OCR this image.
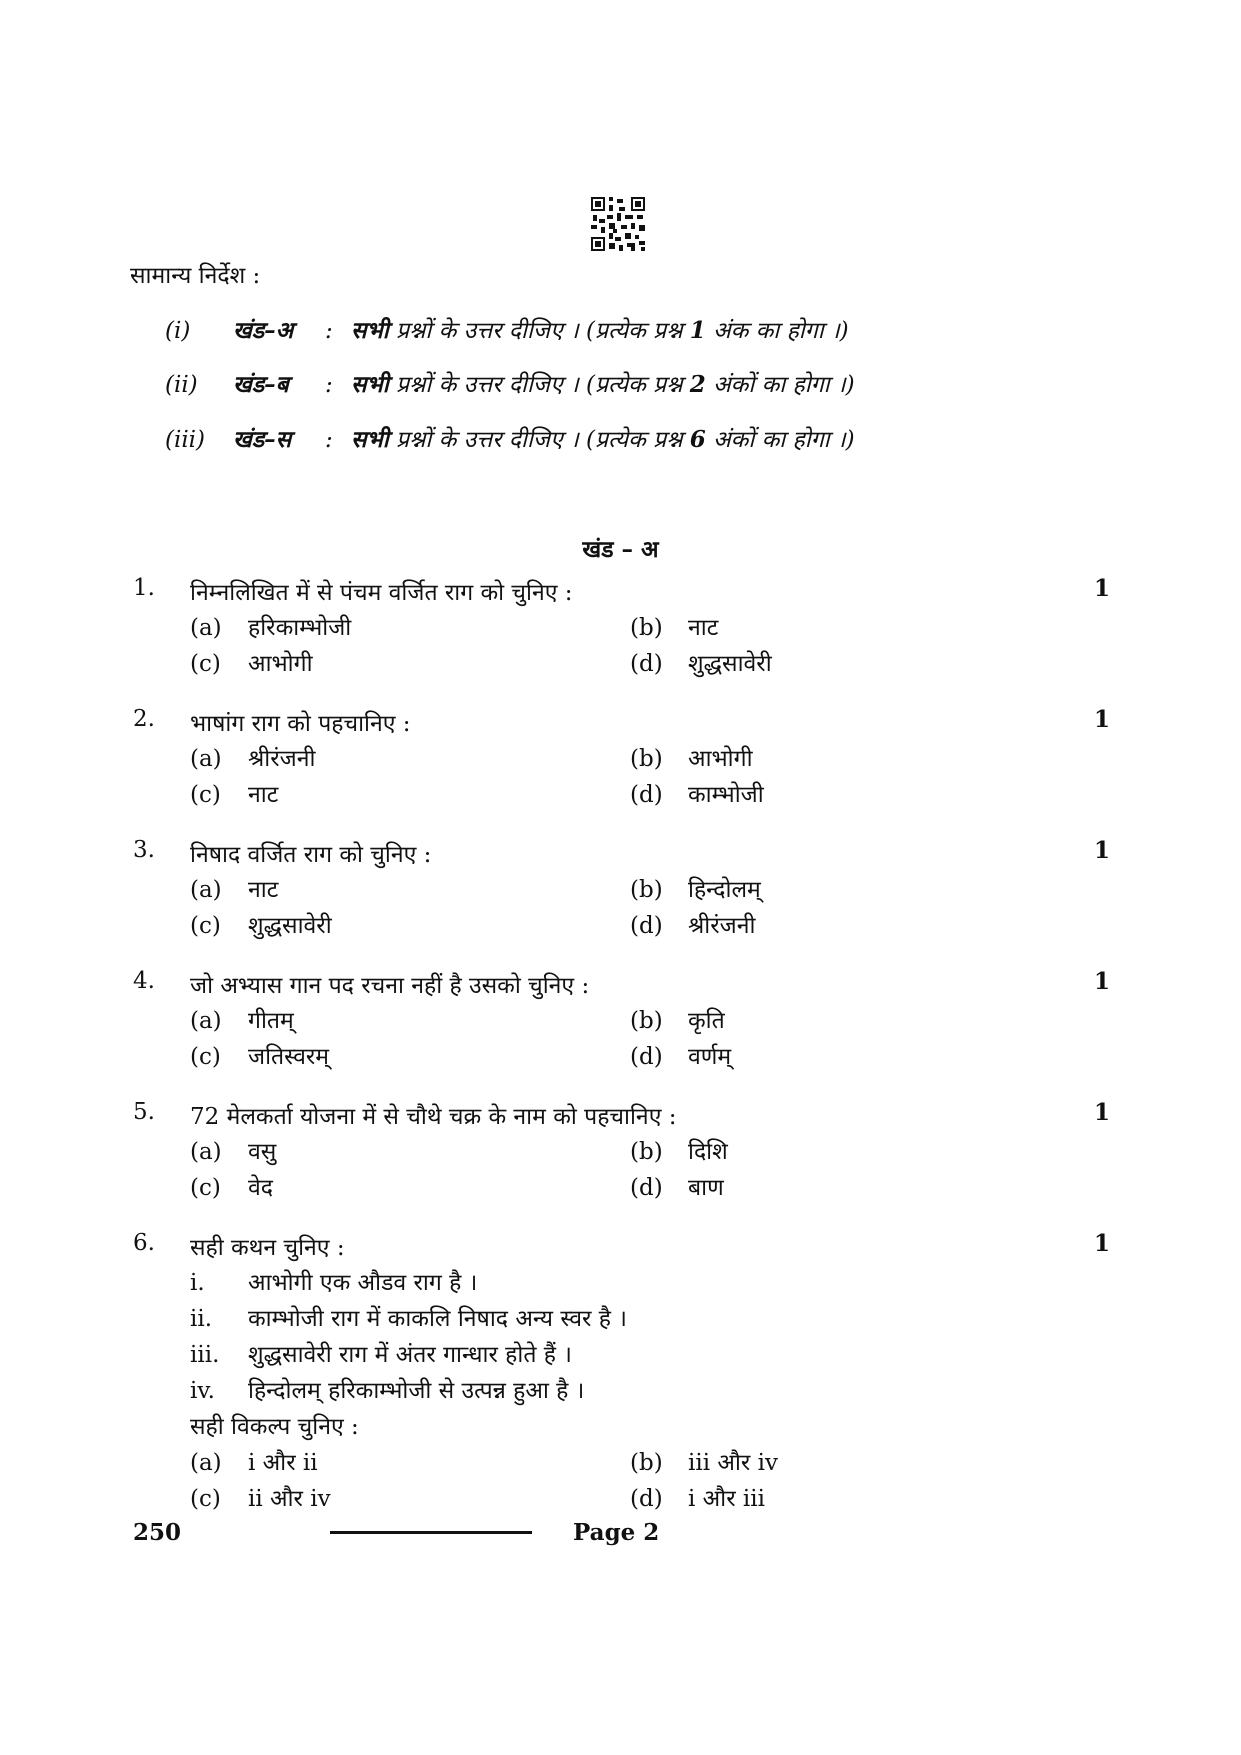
सामान्य निर्देश :
(i) खंड–अ : सभी प्रश्नों के उत्तर दीजिए । (प्रत्येक प्रश्न 1 अंक का होगा ।)
(ii) खंड–ब : सभी प्रश्नों के उत्तर दीजिए । (प्रत्येक प्रश्न 2 अंकों का होगा ।)
(iii) खंड–स : सभी प्रश्नों के उत्तर दीजिए । (प्रत्येक प्रश्न 6 अंकों का होगा ।)
खंड – अ
1. निम्नलिखित में से पंचम वर्जित राग को चुनिए :	1
(a) हरिकाम्भोजी	(b) नाट
(c) आभोगी	(d) शुद्धसावेरी
2. भाषांग राग को पहचानिए :	1
(a) श्रीरंजनी	(b) आभोगी
(c) नाट	(d) काम्भोजी
3. निषाद वर्जित राग को चुनिए :	1
(a) नाट	(b) हिन्दोलम्
(c) शुद्धसावेरी	(d) श्रीरंजनी
4. जो अभ्यास गान पद रचना नहीं है उसको चुनिए :	1
(a) गीतम्	(b) कृति
(c) जतिस्वरम्	(d) वर्णम्
5. 72 मेलकर्ता योजना में से चौथे चक्र के नाम को पहचानिए :	1
(a) वसु	(b) दिशि
(c) वेद	(d) बाण
6. सही कथन चुनिए :	1
i. आभोगी एक औडव राग है ।
ii. काम्भोजी राग में काकलि निषाद अन्य स्वर है ।
iii. शुद्धसावेरी राग में अंतर गान्धार होते हैं ।
iv. हिन्दोलम् हरिकाम्भोजी से उत्पन्न हुआ है ।
सही विकल्प चुनिए :
(a) i और ii	(b) iii और iv
(c) ii और iv	(d) i और iii
250	Page 2
